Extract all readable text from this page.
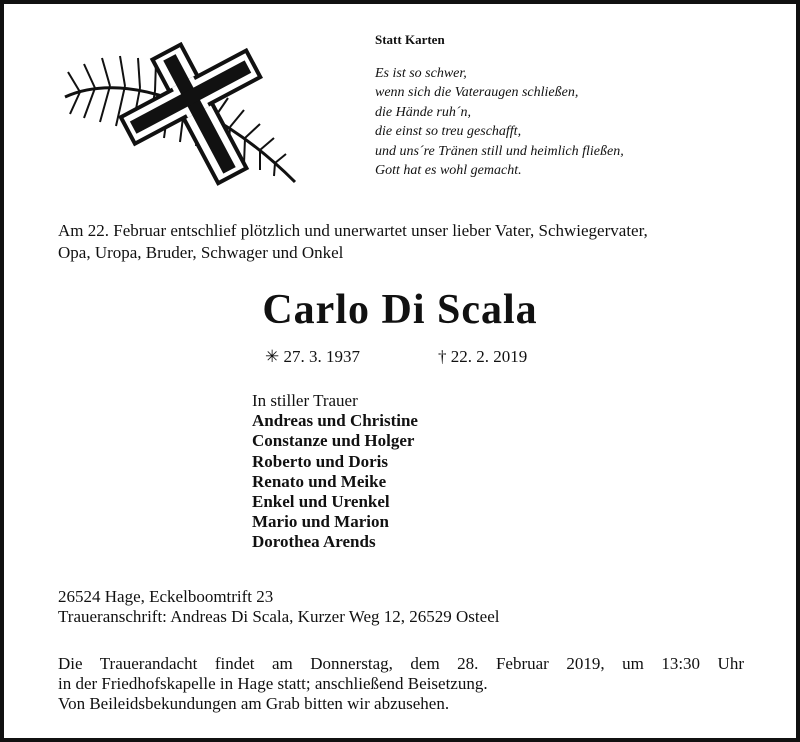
Statt Karten
Es ist so schwer,
wenn sich die Vateraugen schließen,
die Hände ruh´n,
die einst so treu geschafft,
und uns´re Tränen still und heimlich fließen,
Gott hat es wohl gemacht.
Am 22. Februar entschlief plötzlich und unerwartet unser lieber Vater, Schwiegervater,
Opa, Uropa, Bruder, Schwager und Onkel
Carlo Di Scala
✳ 27. 3. 1937	† 22. 2. 2019
In stiller Trauer
Andreas und Christine
Constanze und Holger
Roberto und Doris
Renato und Meike
Enkel und Urenkel
Mario und Marion
Dorothea Arends
26524 Hage, Eckelboomtrift 23
Traueranschrift: Andreas Di Scala, Kurzer Weg 12, 26529 Osteel
Die Trauerandacht findet am Donnerstag, dem 28. Februar 2019, um 13:30 Uhr
in der Friedhofskapelle in Hage statt; anschließend Beisetzung.
Von Beileidsbekundungen am Grab bitten wir abzusehen.
